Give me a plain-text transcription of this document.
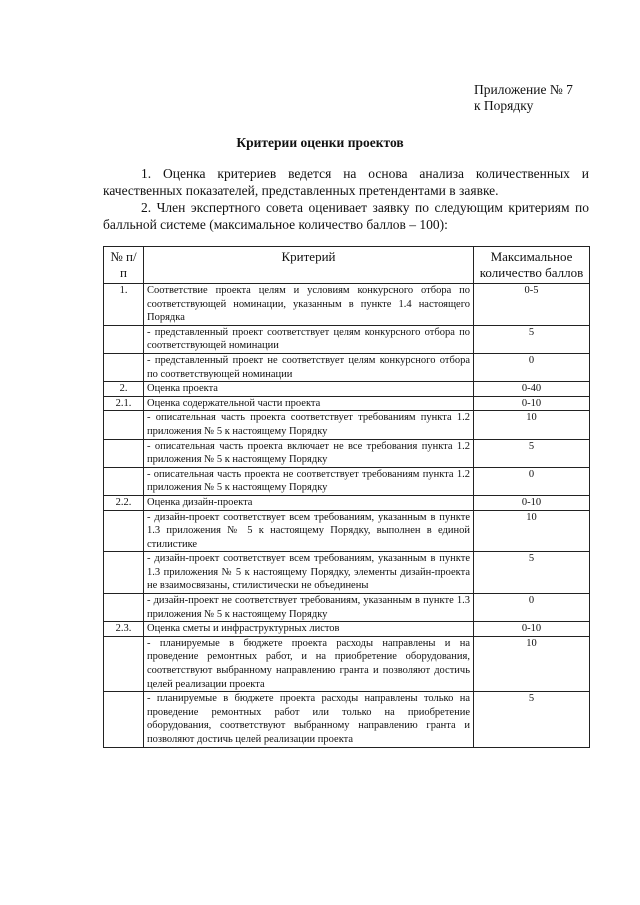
Приложение № 7
к Порядку
Критерии оценки проектов
1. Оценка критериев ведется на основа анализа количественных и качественных показателей, представленных претендентами в заявке.
2. Член экспертного совета оценивает заявку по следующим критериям по балльной системе (максимальное количество баллов – 100):
№ п/п	Критерий	Максимальное количество баллов
1.	Соответствие проекта целям и условиям конкурсного отбора по соответствующей номинации, указанным в пункте 1.4 настоящего Порядка	0-5
	- представленный проект соответствует целям конкурсного отбора по соответствующей номинации	5
	- представленный проект не соответствует целям конкурсного отбора по соответствующей номинации	0
2.	Оценка проекта	0-40
2.1.	Оценка содержательной части проекта	0-10
	- описательная часть проекта соответствует требованиям пункта 1.2 приложения № 5 к настоящему Порядку	10
	- описательная часть проекта включает не все требования пункта 1.2 приложения № 5 к настоящему Порядку	5
	- описательная часть проекта не соответствует требованиям пункта 1.2 приложения № 5 к настоящему Порядку	0
2.2.	Оценка дизайн-проекта	0-10
	- дизайн-проект соответствует всем требованиям, указанным в пункте 1.3 приложения № 5 к настоящему Порядку, выполнен в единой стилистике	10
	- дизайн-проект соответствует всем требованиям, указанным в пункте 1.3 приложения № 5 к настоящему Порядку, элементы дизайн-проекта не взаимосвязаны, стилистически не объединены	5
	- дизайн-проект не соответствует требованиям, указанным в пункте 1.3 приложения № 5 к настоящему Порядку	0
2.3.	Оценка сметы и инфраструктурных листов	0-10
	- планируемые в бюджете проекта расходы направлены и на проведение ремонтных работ, и на приобретение оборудования, соответствуют выбранному направлению гранта и позволяют достичь целей реализации проекта	10
	- планируемые в бюджете проекта расходы направлены только на проведение ремонтных работ или только на приобретение оборудования, соответствуют выбранному направлению гранта и позволяют достичь целей реализации проекта	5
